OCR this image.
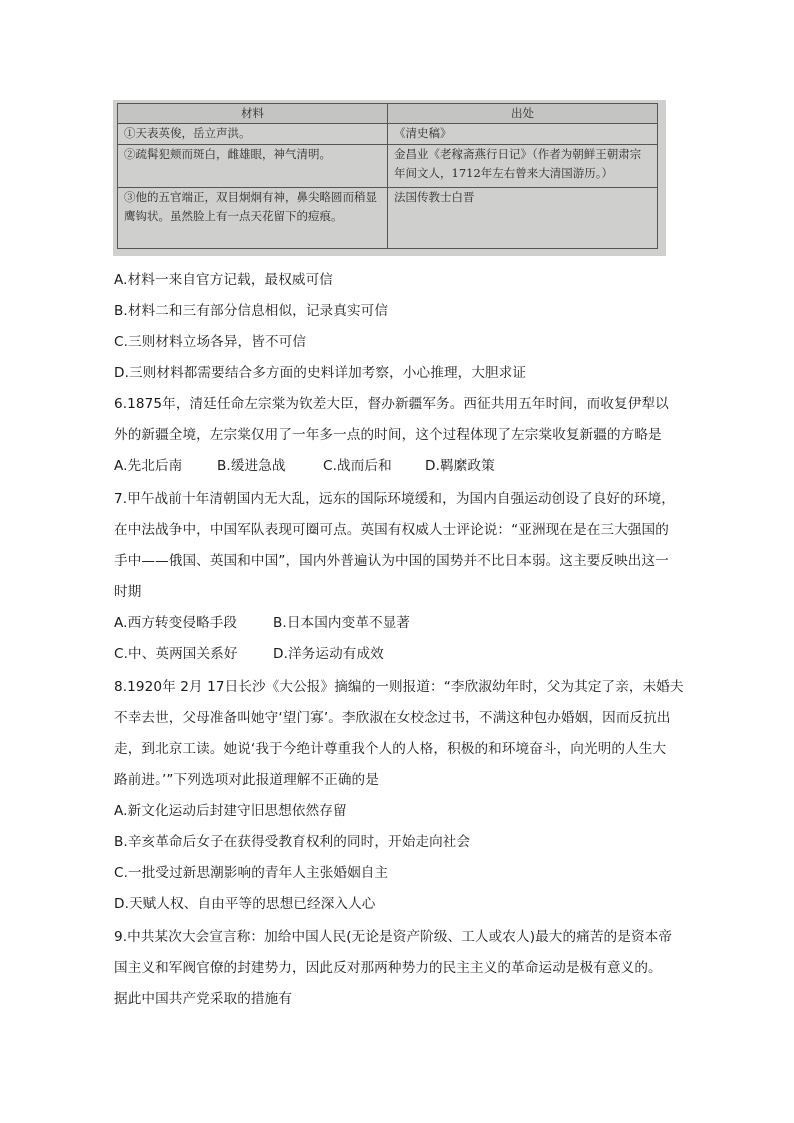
材料	出处
①天表英俊，岳立声洪。	《清史稿》
②疏髯犯颊而斑白，雌雄眼，神气清明。	金昌业《老稼斋燕行日记》（作者为朝鲜王朝肃宗年间文人，1712年左右曾来大清国游历。）
③他的五官端正，双目炯炯有神，鼻尖略圆而稍显鹰钩状。虽然脸上有一点天花留下的痘痕。	法国传教士白晋
A.材料一来自官方记载，最权威可信
B.材料二和三有部分信息相似，记录真实可信
C.三则材料立场各异，皆不可信
D.三则材料都需要结合多方面的史料详加考察，小心推理，大胆求证
6.1875年，清廷任命左宗棠为钦差大臣，督办新疆军务。西征共用五年时间，而收复伊犁以
外的新疆全境，左宗棠仅用了一年多一点的时间，这个过程体现了左宗棠收复新疆的方略是
A.先北后南	B.缓进急战	C.战而后和 D.羁縻政策
7.甲午战前十年清朝国内无大乱，远东的国际环境缓和，为国内自强运动创设了良好的环境，
在中法战争中，中国军队表现可圈可点。英国有权威人士评论说：“亚洲现在是在三大强国的
手中——俄国、英国和中国”，国内外普遍认为中国的国势并不比日本弱。这主要反映出这一
时期
A.西方转变侵略手段	B.日本国内变革不显著
C.中、英两国关系好	D.洋务运动有成效
8.1920年 2月 17日长沙《大公报》摘编的一则报道：“李欣淑幼年时，父为其定了亲，未婚夫
不幸去世，父母准备叫她守‘望门寡’。李欣淑在女校念过书，不满这种包办婚姻，因而反抗出
走，到北京工读。她说‘我于今绝计尊重我个人的人格，积极的和环境奋斗，向光明的人生大
路前进。’”下列选项对此报道理解不正确的是
A.新文化运动后封建守旧思想依然存留
B.辛亥革命后女子在获得受教育权利的同时，开始走向社会
C.一批受过新思潮影响的青年人主张婚姻自主
D.天赋人权、自由平等的思想已经深入人心
9.中共某次大会宣言称：加给中国人民(无论是资产阶级、工人或农人)最大的痛苦的是资本帝
国主义和军阀官僚的封建势力，因此反对那两种势力的民主主义的革命运动是极有意义的。
据此中国共产党采取的措施有
